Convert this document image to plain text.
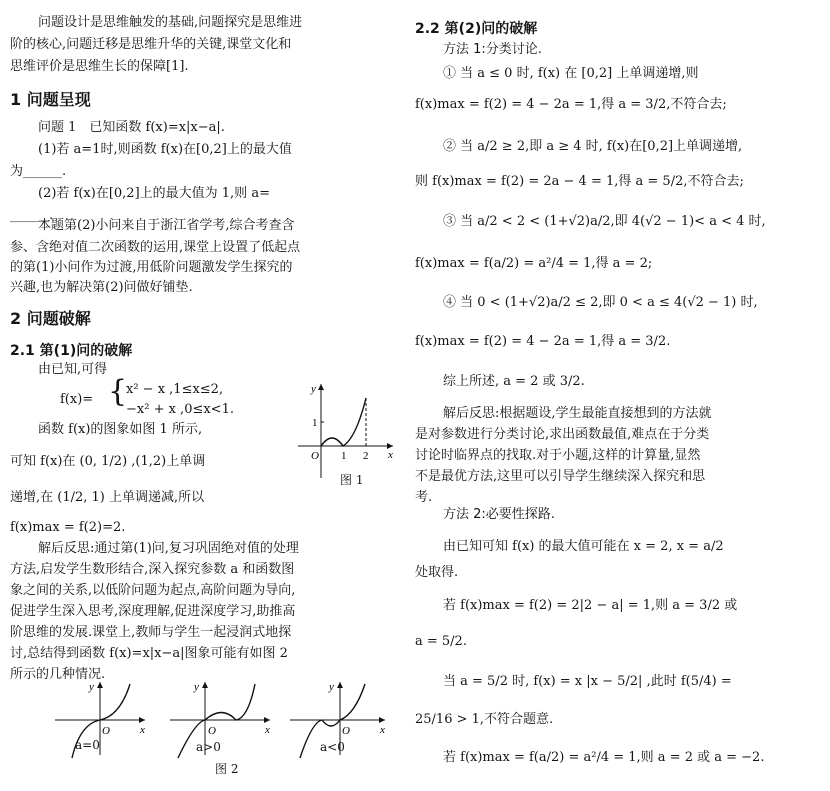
问题设计是思维触发的基础,问题探究是思维进
阶的核心,问题迁移是思维升华的关键,课堂文化和
思维评价是思维生长的保障[1].
1 问题呈现
问题 1　已知函数 f(x)=x|x−a|.
(1)若 a=1时,则函数 f(x)在[0,2]上的最大值
为______.
(2)若 f(x)在[0,2]上的最大值为 1,则 a=
______.
本题第(2)小问来自于浙江省学考,综合考查含
参、含绝对值二次函数的运用,课堂上设置了低起点
的第(1)小问作为过渡,用低阶问题激发学生探究的
兴趣,也为解决第(2)问做好铺垫.
2 问题破解
2.1 第(1)问的破解
由已知,可得
f(x)= {
x² − x ,1≤x≤2,
−x² + x ,0≤x<1.
函数 f(x)的图象如图 1 所示,
可知 f(x)在 (0, 1/2) ,(1,2)上单调
递增,在 (1/2, 1) 上单调递减,所以
f(x)max = f(2)=2.
y
1
O 1 2 x
图 1
解后反思:通过第(1)问,复习巩固绝对值的处理
方法,启发学生数形结合,深入探究参数 a 和函数图
象之间的关系,以低阶问题为起点,高阶问题为导向,
促进学生深入思考,深度理解,促进深度学习,助推高
阶思维的发展.课堂上,教师与学生一起浸润式地探
讨,总结得到函数 f(x)=x|x−a|图象可能有如图 2
所示的几种情况.
y
O	x
y
O	x
y
O	x
a=0	a>0	a<0
图 2
2.2 第(2)问的破解
方法 1:分类讨论.
① 当 a ≤ 0 时, f(x) 在 [0,2] 上单调递增,则
f(x)max = f(2) = 4 − 2a = 1,得 a = 3/2,不符合去;
② 当 a/2 ≥ 2,即 a ≥ 4 时, f(x)在[0,2]上单调递增,
则 f(x)max = f(2) = 2a − 4 = 1,得 a = 5/2,不符合去;
③ 当 a/2 < 2 < (1+√2)a/2,即 4(√2 − 1)< a < 4 时,
f(x)max = f(a/2) = a²/4 = 1,得 a = 2;
④ 当 0 < (1+√2)a/2 ≤ 2,即 0 < a ≤ 4(√2 − 1) 时,
f(x)max = f(2) = 4 − 2a = 1,得 a = 3/2.
综上所述, a = 2 或 3/2.
解后反思:根据题设,学生最能直接想到的方法就
是对参数进行分类讨论,求出函数最值,难点在于分类
讨论时临界点的找取.对于小题,这样的计算量,显然
不是最优方法,这里可以引导学生继续深入探究和思
考.
方法 2:必要性探路.
由已知可知 f(x) 的最大值可能在 x = 2, x = a/2
处取得.
若 f(x)max = f(2) = 2|2 − a| = 1,则 a = 3/2 或
a = 5/2.
当 a = 5/2 时, f(x) = x |x − 5/2| ,此时 f(5/4) =
25/16 > 1,不符合题意.
若 f(x)max = f(a/2) = a²/4 = 1,则 a = 2 或 a = −2.
